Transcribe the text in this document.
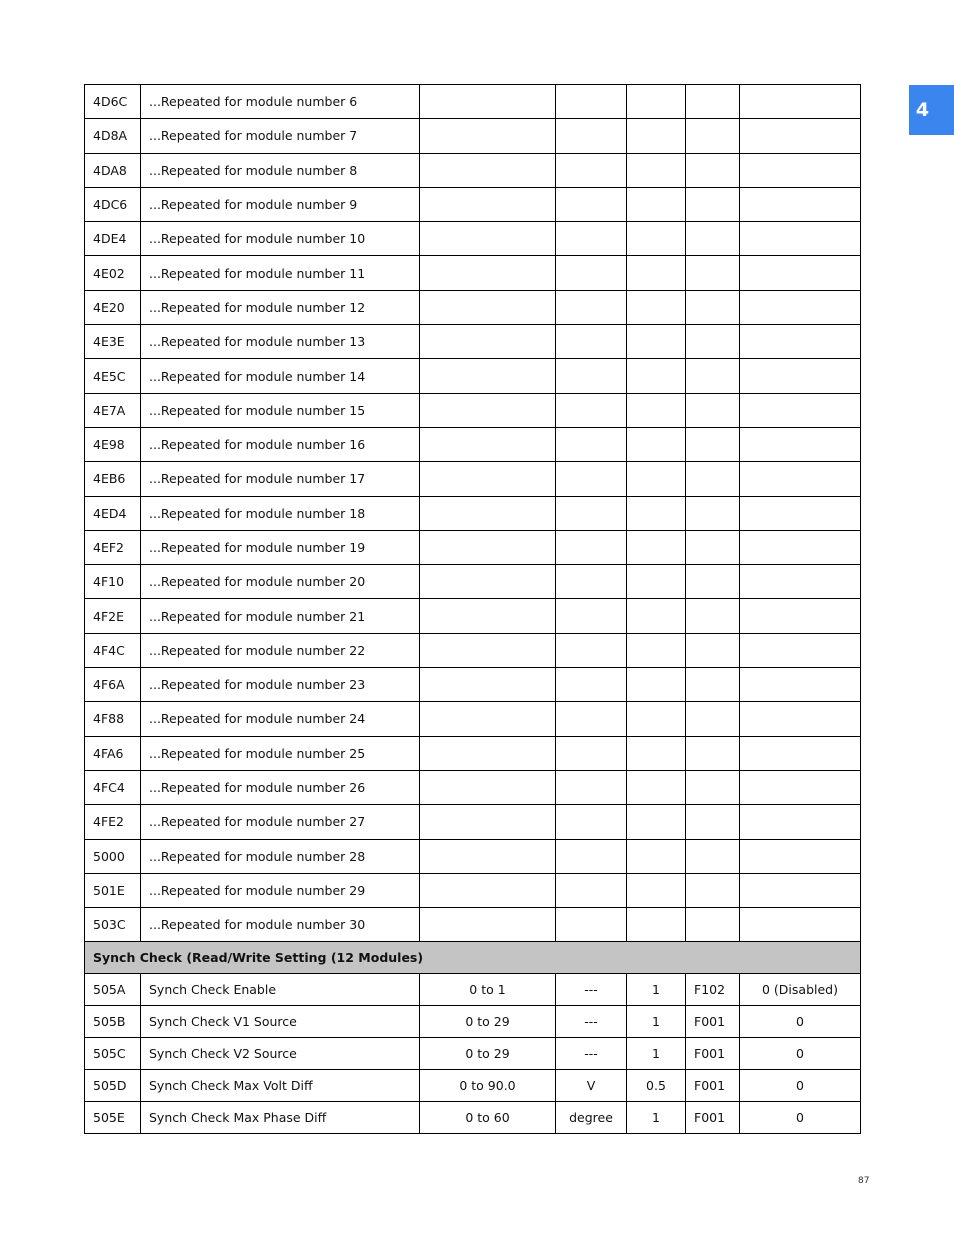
4
4D6C	...Repeated for module number 6					
4D8A	...Repeated for module number 7					
4DA8	...Repeated for module number 8					
4DC6	...Repeated for module number 9					
4DE4	...Repeated for module number 10					
4E02	...Repeated for module number 11					
4E20	...Repeated for module number 12					
4E3E	...Repeated for module number 13					
4E5C	...Repeated for module number 14					
4E7A	...Repeated for module number 15					
4E98	...Repeated for module number 16					
4EB6	...Repeated for module number 17					
4ED4	...Repeated for module number 18					
4EF2	...Repeated for module number 19					
4F10	...Repeated for module number 20					
4F2E	...Repeated for module number 21					
4F4C	...Repeated for module number 22					
4F6A	...Repeated for module number 23					
4F88	...Repeated for module number 24					
4FA6	...Repeated for module number 25					
4FC4	...Repeated for module number 26					
4FE2	...Repeated for module number 27					
5000	...Repeated for module number 28					
501E	...Repeated for module number 29					
503C	...Repeated for module number 30					
Synch Check (Read/Write Setting (12 Modules)						
505A	Synch Check Enable	0 to 1	---	1	F102	0 (Disabled)
505B	Synch Check V1 Source	0 to 29	---	1	F001	0
505C	Synch Check V2 Source	0 to 29	---	1	F001	0
505D	Synch Check Max Volt Diff	0 to 90.0	V	0.5	F001	0
505E	Synch Check Max Phase Diff	0 to 60	degree	1	F001	0
87
